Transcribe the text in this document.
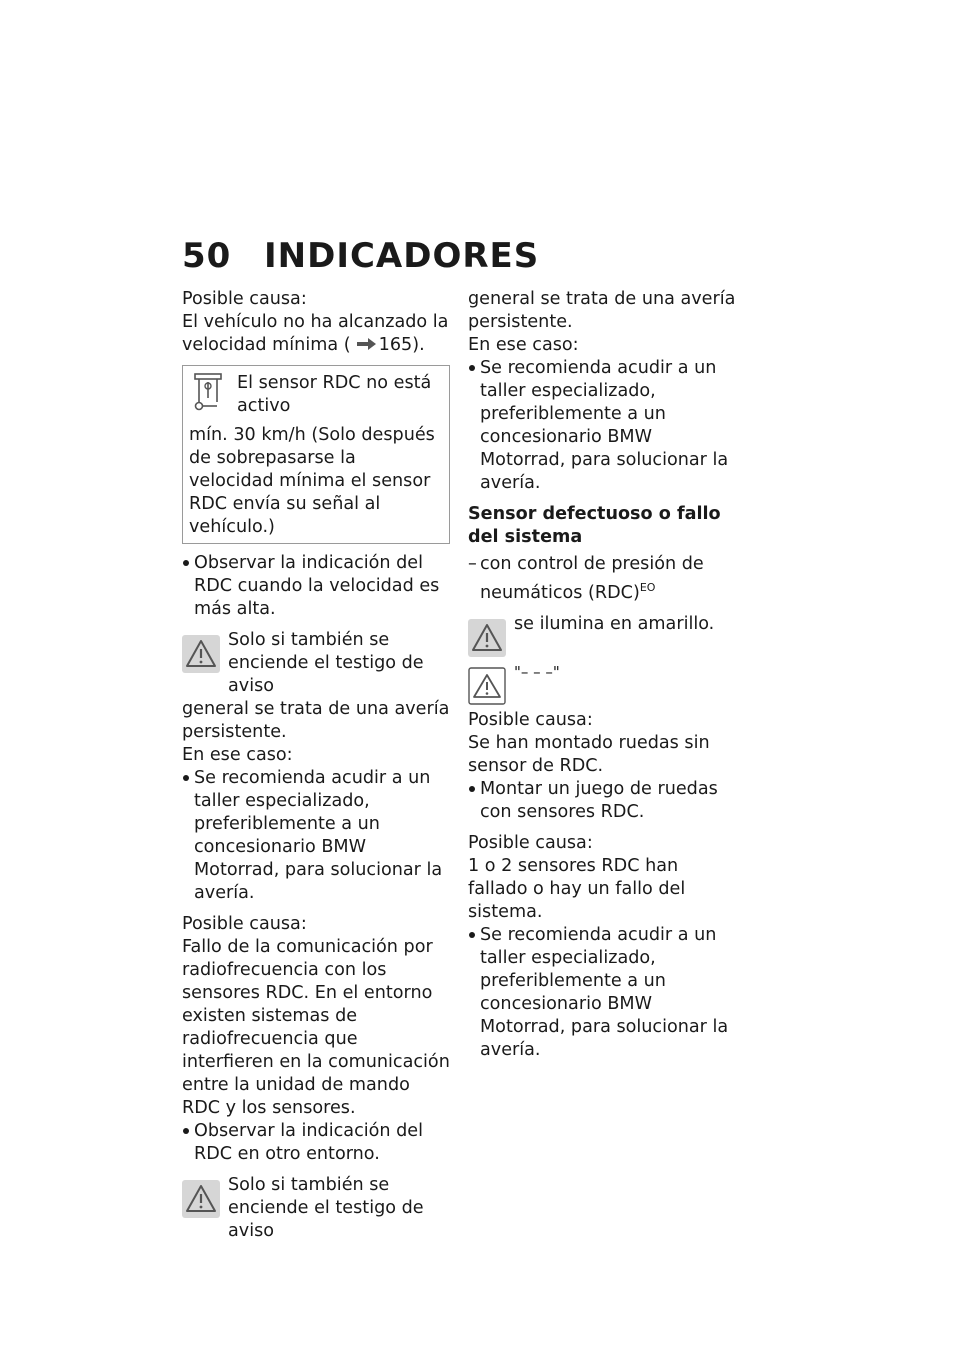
50 INDICADORES

Posible causa:

El vehículo no ha alcanzado la velocidad mínima ( 165).

El sensor RDC no está activo
mín. 30 km/h (Solo después de sobrepasarse la velocidad mínima el sensor RDC envía su señal al vehículo.)
Observar la indicación del RDC cuando la velocidad es más alta.
Solo si también se enciende el testigo de aviso

general se trata de una avería persistente.

En ese caso:

Se recomienda acudir a un taller especializado, preferiblemente a un concesionario BMW Motorrad, para solucionar la avería.

Posible causa:

Fallo de la comunicación por radiofrecuencia con los sensores RDC. En el entorno existen sistemas de radiofrecuencia que interfieren en la comunicación entre la unidad de mando RDC y los sensores.

Observar la indicación del RDC en otro entorno.
Solo si también se enciende el testigo de aviso

general se trata de una avería persistente.

En ese caso:

Se recomienda acudir a un taller especializado, preferiblemente a un concesionario BMW Motorrad, para solucionar la avería.
Sensor defectuoso o fallo del sistema
– con control de presión de neumáticos (RDC)$^{EO}$
se ilumina en amarillo.
"– – –"

Posible causa:

Se han montado ruedas sin sensor de RDC.

Montar un juego de ruedas con sensores RDC.

Posible causa:

1 o 2 sensores RDC han fallado o hay un fallo del sistema.

Se recomienda acudir a un taller especializado, preferiblemente a un concesionario BMW Motorrad, para solucionar la avería.
